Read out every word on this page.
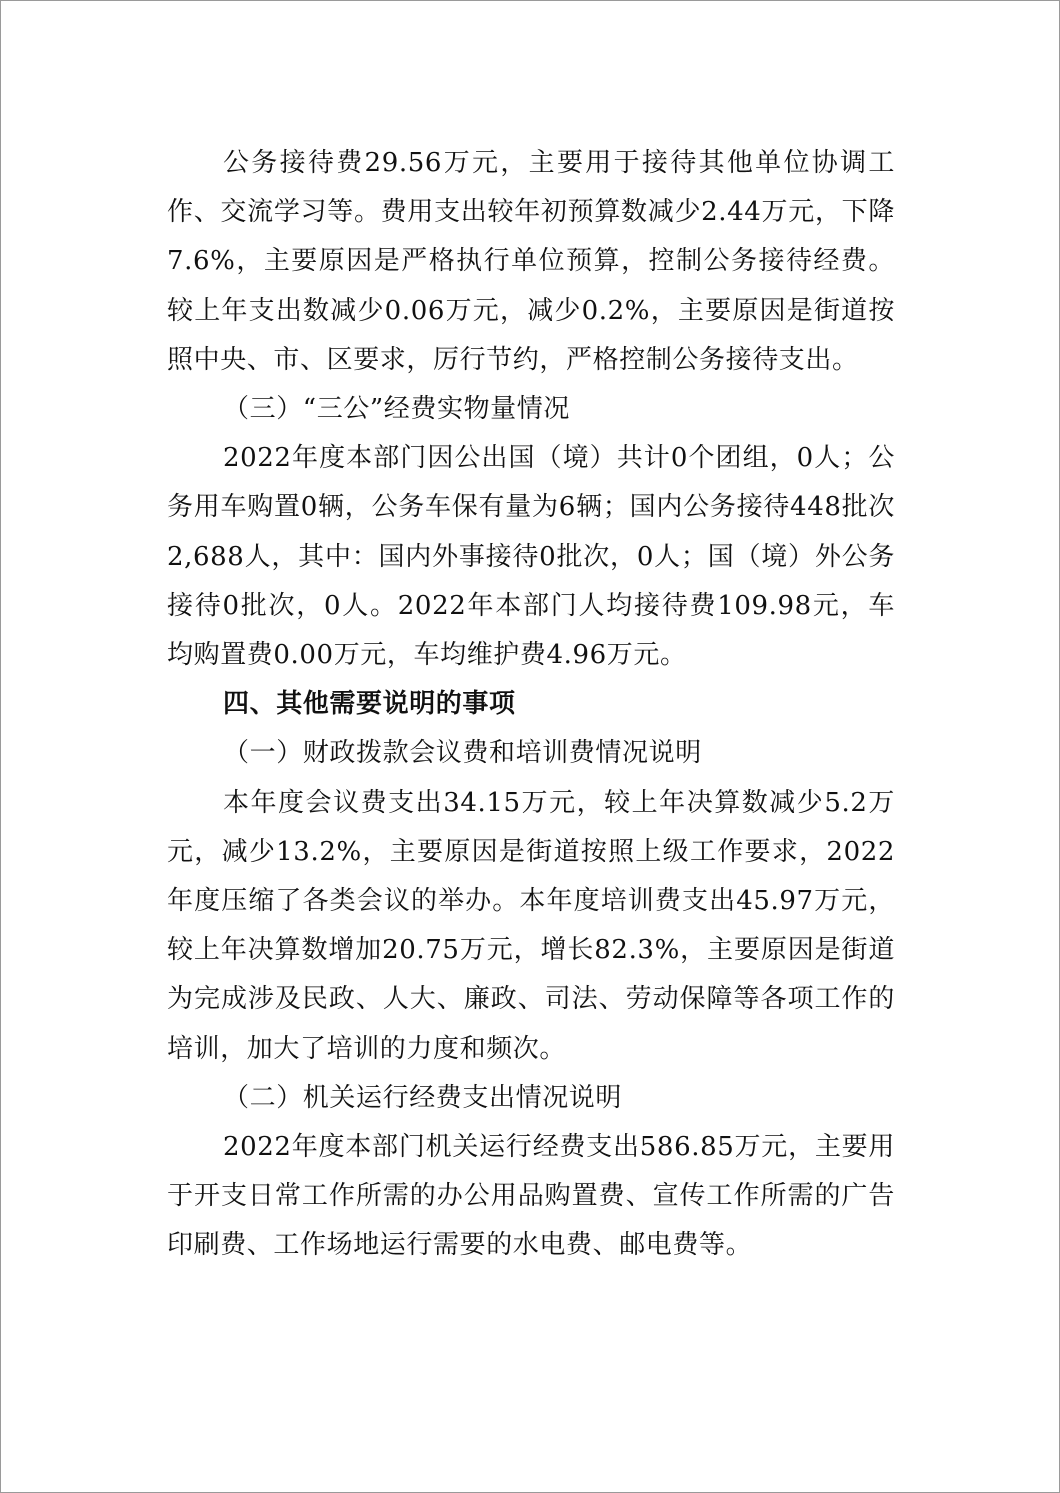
公务接待费29.56万元，主要用于接待其他单位协调工作、交流学习等。费用支出较年初预算数减少2.44万元，下降7.6%，主要原因是严格执行单位预算，控制公务接待经费。较上年支出数减少0.06万元，减少0.2%，主要原因是街道按照中央、市、区要求，厉行节约，严格控制公务接待支出。

（三）“三公”经费实物量情况

2022年度本部门因公出国（境）共计0个团组，0人；公务用车购置0辆，公务车保有量为6辆；国内公务接待448批次2,688人，其中：国内外事接待0批次，0人；国（境）外公务接待0批次，0人。2022年本部门人均接待费109.98元，车均购置费0.00万元，车均维护费4.96万元。

四、其他需要说明的事项

（一）财政拨款会议费和培训费情况说明

本年度会议费支出34.15万元，较上年决算数减少5.2万元，减少13.2%，主要原因是街道按照上级工作要求，2022年度压缩了各类会议的举办。本年度培训费支出45.97万元，较上年决算数增加20.75万元，增长82.3%，主要原因是街道为完成涉及民政、人大、廉政、司法、劳动保障等各项工作的培训，加大了培训的力度和频次。

（二）机关运行经费支出情况说明

2022年度本部门机关运行经费支出586.85万元，主要用于开支日常工作所需的办公用品购置费、宣传工作所需的广告印刷费、工作场地运行需要的水电费、邮电费等。
